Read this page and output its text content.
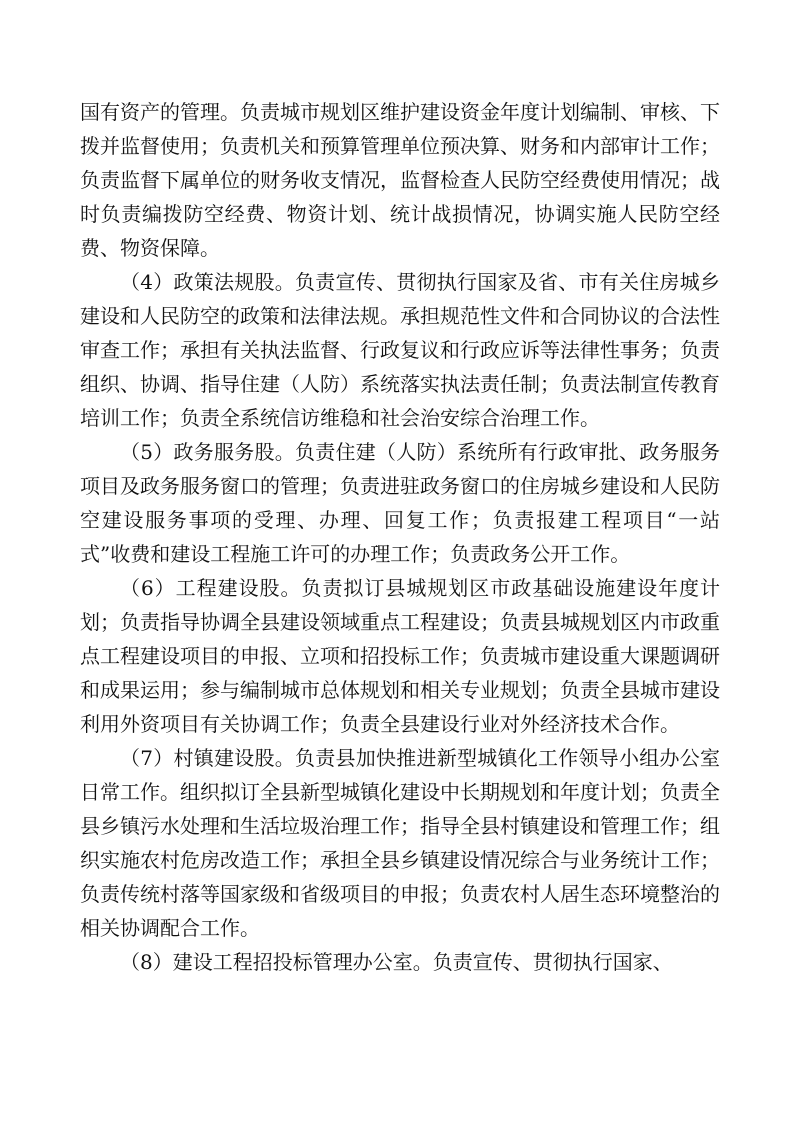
国有资产的管理。负责城市规划区维护建设资金年度计划编制、审核、下拨并监督使用；负责机关和预算管理单位预决算、财务和内部审计工作；负责监督下属单位的财务收支情况，监督检查人民防空经费使用情况；战时负责编拨防空经费、物资计划、统计战损情况，协调实施人民防空经费、物资保障。

（4）政策法规股。负责宣传、贯彻执行国家及省、市有关住房城乡建设和人民防空的政策和法律法规。承担规范性文件和合同协议的合法性审查工作；承担有关执法监督、行政复议和行政应诉等法律性事务；负责组织、协调、指导住建（人防）系统落实执法责任制；负责法制宣传教育培训工作；负责全系统信访维稳和社会治安综合治理工作。

（5）政务服务股。负责住建（人防）系统所有行政审批、政务服务项目及政务服务窗口的管理；负责进驻政务窗口的住房城乡建设和人民防空建设服务事项的受理、办理、回复工作；负责报建工程项目“一站式”收费和建设工程施工许可的办理工作；负责政务公开工作。

（6）工程建设股。负责拟订县城规划区市政基础设施建设年度计划；负责指导协调全县建设领域重点工程建设；负责县城规划区内市政重点工程建设项目的申报、立项和招投标工作；负责城市建设重大课题调研和成果运用；参与编制城市总体规划和相关专业规划；负责全县城市建设利用外资项目有关协调工作；负责全县建设行业对外经济技术合作。

（7）村镇建设股。负责县加快推进新型城镇化工作领导小组办公室日常工作。组织拟订全县新型城镇化建设中长期规划和年度计划；负责全县乡镇污水处理和生活垃圾治理工作；指导全县村镇建设和管理工作；组织实施农村危房改造工作；承担全县乡镇建设情况综合与业务统计工作；负责传统村落等国家级和省级项目的申报；负责农村人居生态环境整治的相关协调配合工作。

（8）建设工程招投标管理办公室。负责宣传、贯彻执行国家、
